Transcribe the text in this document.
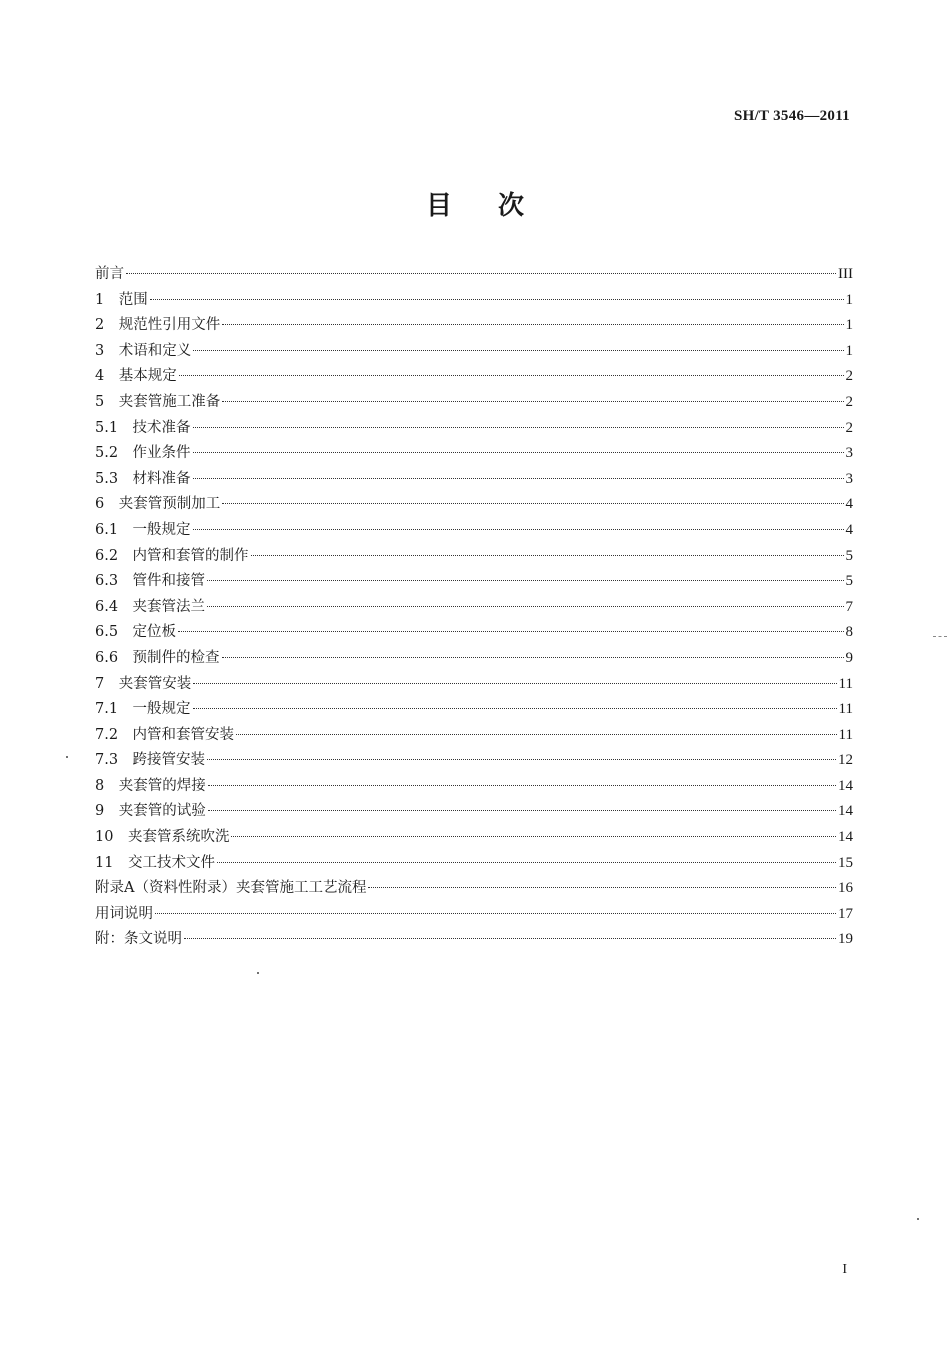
SH/T 3546—2011
目次
前言	III
1　范围	1
2　规范性引用文件	1
3　术语和定义	1
4　基本规定	2
5　夹套管施工准备	2
5.1　技术准备	2
5.2　作业条件	3
5.3　材料准备	3
6　夹套管预制加工	4
6.1　一般规定	4
6.2　内管和套管的制作	5
6.3　管件和接管	5
6.4　夹套管法兰	7
6.5　定位板	8
6.6　预制件的检查	9
7　夹套管安装	11
7.1　一般规定	11
7.2　内管和套管安装	11
7.3　跨接管安装	12
8　夹套管的焊接	14
9　夹套管的试验	14
10　夹套管系统吹洗	14
11　交工技术文件	15
附录A（资料性附录）夹套管施工工艺流程	16
用词说明	17
附：条文说明	19
I
